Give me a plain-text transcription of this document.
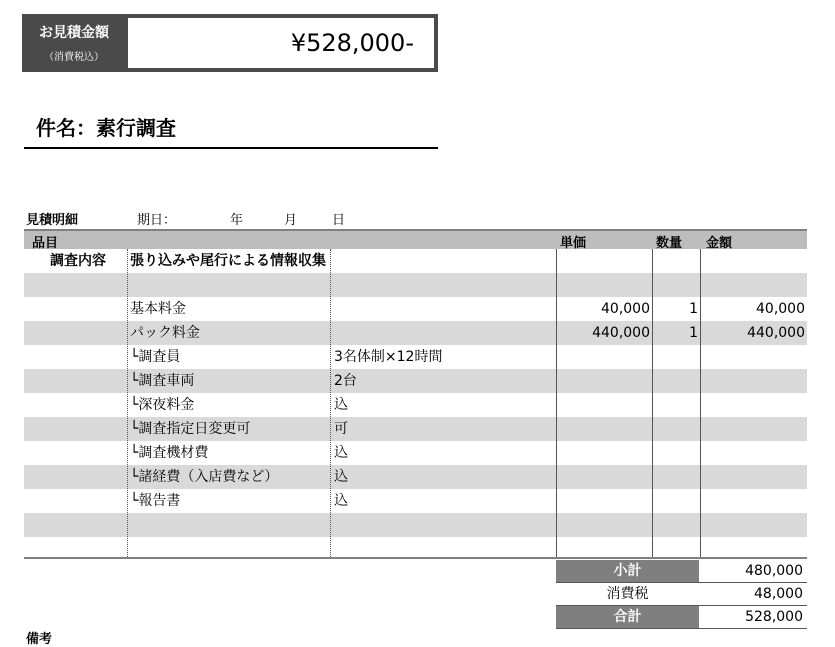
お見積金額
（消費税込）
¥528,000-
件名：素行調査
見積明細	期日：	年	月	日
品目	単価	数量 金額
調査内容	張り込みや尾行による情報収集
基本料金	40,000	1	40,000
パック料金	440,000	1	440,000
└調査員	3名体制×12時間
└調査車両	2台
└深夜料金	込
└調査指定日変更可	可
└調査機材費	込
└諸経費（入店費など）	込
└報告書	込
小計	480,000
消費税	48,000
合計	528,000
備考
